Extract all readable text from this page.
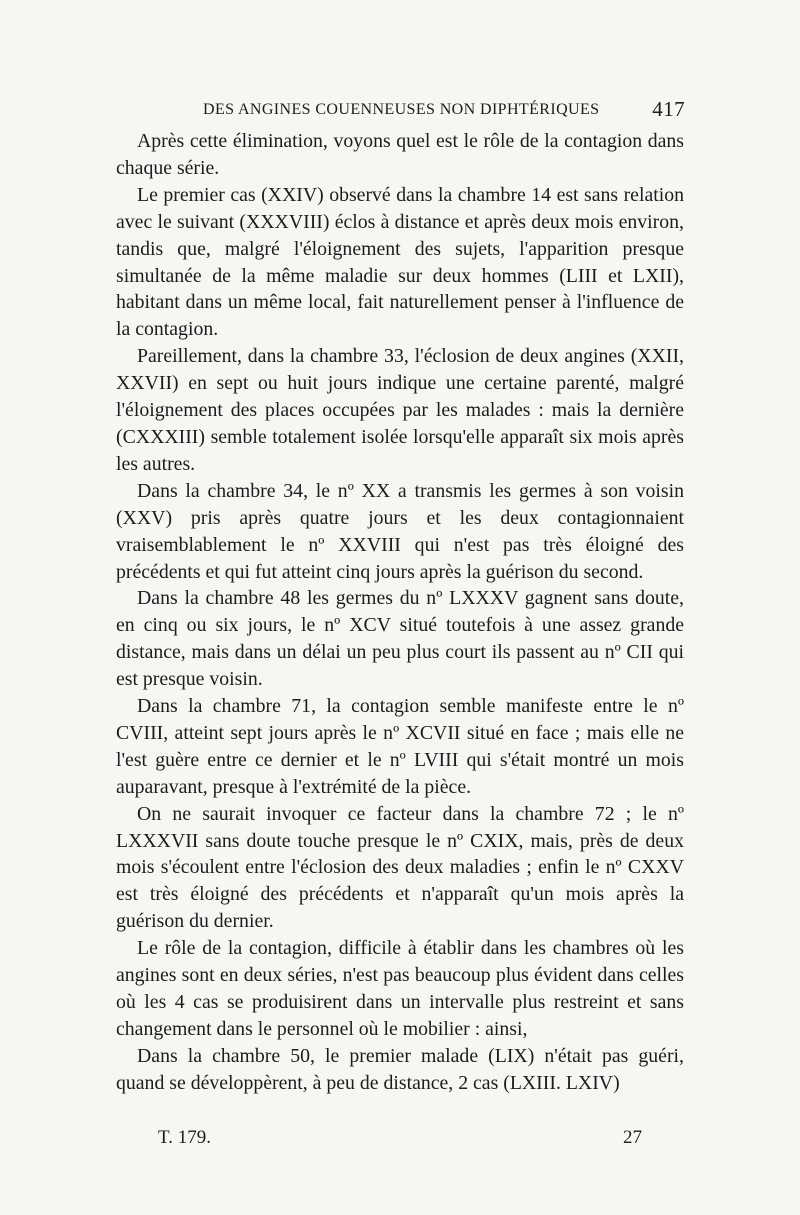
DES ANGINES COUENNEUSES NON DIPHTÉRIQUES	417

Après cette élimination, voyons quel est le rôle de la contagion dans chaque série.

Le premier cas (XXIV) observé dans la chambre 14 est sans relation avec le suivant (XXXVIII) éclos à distance et après deux mois environ, tandis que, malgré l'éloignement des sujets, l'apparition presque simultanée de la même maladie sur deux hommes (LIII et LXII), habitant dans un même local, fait naturellement penser à l'influence de la contagion.

Pareillement, dans la chambre 33, l'éclosion de deux angines (XXII, XXVII) en sept ou huit jours indique une certaine parenté, malgré l'éloignement des places occupées par les malades : mais la dernière (CXXXIII) semble totalement isolée lorsqu'elle apparaît six mois après les autres.

Dans la chambre 34, le nº XX a transmis les germes à son voisin (XXV) pris après quatre jours et les deux contagionnaient vraisemblablement le nº XXVIII qui n'est pas très éloigné des précédents et qui fut atteint cinq jours après la guérison du second.

Dans la chambre 48 les germes du nº LXXXV gagnent sans doute, en cinq ou six jours, le nº XCV situé toutefois à une assez grande distance, mais dans un délai un peu plus court ils passent au nº CII qui est presque voisin.

Dans la chambre 71, la contagion semble manifeste entre le nº CVIII, atteint sept jours après le nº XCVII situé en face ; mais elle ne l'est guère entre ce dernier et le nº LVIII qui s'était montré un mois auparavant, presque à l'extrémité de la pièce.

On ne saurait invoquer ce facteur dans la chambre 72 ; le nº LXXXVII sans doute touche presque le nº CXIX, mais, près de deux mois s'écoulent entre l'éclosion des deux maladies ; enfin le nº CXXV est très éloigné des précédents et n'apparaît qu'un mois après la guérison du dernier.

Le rôle de la contagion, difficile à établir dans les chambres où les angines sont en deux séries, n'est pas beaucoup plus évident dans celles où les 4 cas se produisirent dans un intervalle plus restreint et sans changement dans le personnel où le mobilier : ainsi,

Dans la chambre 50, le premier malade (LIX) n'était pas guéri, quand se développèrent, à peu de distance, 2 cas (LXIII. LXIV)

T. 179.	27
